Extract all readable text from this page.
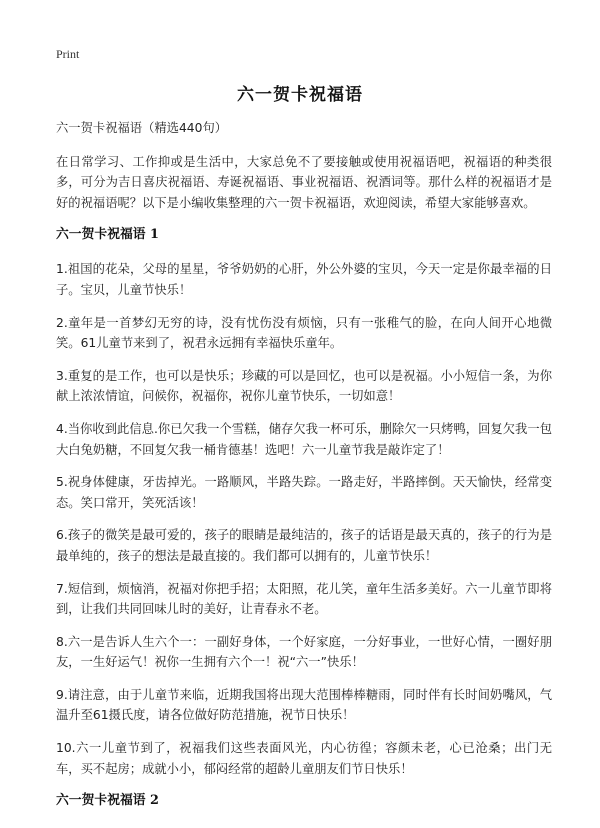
Print
六一贺卡祝福语

六一贺卡祝福语（精选440句）

在日常学习、工作抑或是生活中，大家总免不了要接触或使用祝福语吧，祝福语的种类很多，可分为吉日喜庆祝福语、寿诞祝福语、事业祝福语、祝酒词等。那什么样的祝福语才是好的祝福语呢？以下是小编收集整理的六一贺卡祝福语，欢迎阅读，希望大家能够喜欢。

六一贺卡祝福语 1

1.祖国的花朵，父母的星星，爷爷奶奶的心肝，外公外婆的宝贝，今天一定是你最幸福的日子。宝贝，儿童节快乐！

2.童年是一首梦幻无穷的诗，没有忧伤没有烦恼，只有一张稚气的脸，在向人间开心地微笑。61儿童节来到了，祝君永远拥有幸福快乐童年。

3.重复的是工作，也可以是快乐；珍藏的可以是回忆，也可以是祝福。小小短信一条，为你献上浓浓情谊，问候你，祝福你，祝你儿童节快乐，一切如意！

4.当你收到此信息.你已欠我一个雪糕，储存欠我一杯可乐，删除欠一只烤鸭，回复欠我一包大白兔奶糖，不回复欠我一桶肯德基！选吧！六一儿童节我是敲诈定了！

5.祝身体健康，牙齿掉光。一路顺风，半路失踪。一路走好，半路摔倒。天天愉快，经常变态。笑口常开，笑死活该！

6.孩子的微笑是最可爱的，孩子的眼睛是最纯洁的，孩子的话语是最天真的，孩子的行为是最单纯的，孩子的想法是最直接的。我们都可以拥有的，儿童节快乐！

7.短信到，烦恼消，祝福对你把手招；太阳照，花儿笑，童年生活多美好。六一儿童节即将到，让我们共同回味儿时的美好，让青春永不老。

8.六一是告诉人生六个一：一副好身体，一个好家庭，一分好事业，一世好心情，一圈好朋友，一生好运气！祝你一生拥有六个一！祝“六一”快乐！

9.请注意，由于儿童节来临，近期我国将出现大范围棒棒糖雨，同时伴有长时间奶嘴风，气温升至61摄氏度，请各位做好防范措施，祝节日快乐！

10.六一儿童节到了，祝福我们这些表面风光，内心彷徨；容颜未老，心已沧桑；出门无车，买不起房；成就小小，郁闷经常的超龄儿童朋友们节日快乐！

六一贺卡祝福语 2
